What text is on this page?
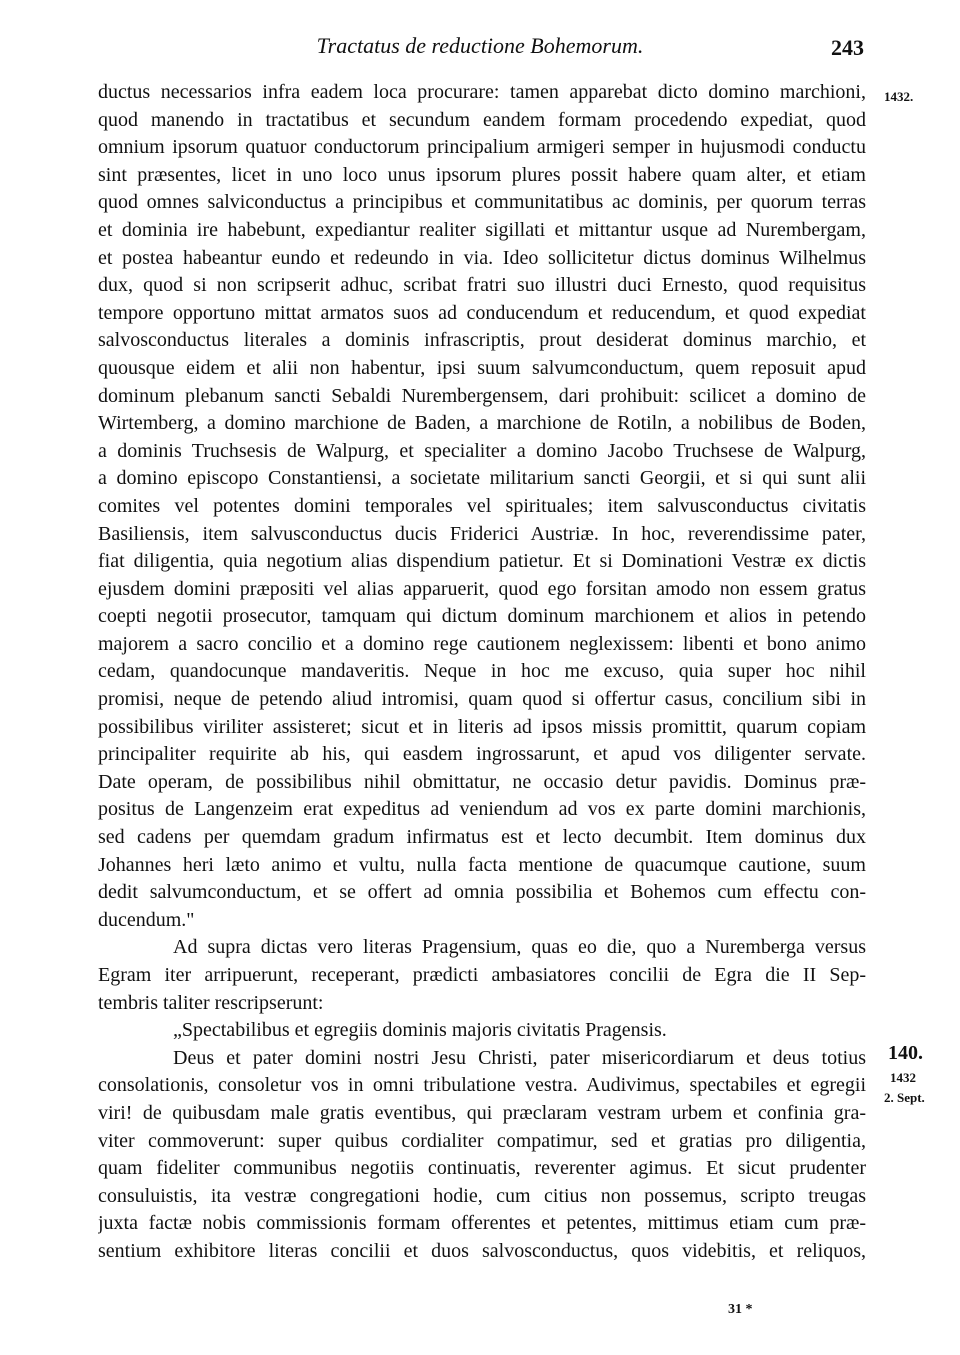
Tractatus de reductione Bohemorum.	243
1432.
140.
1432
2. Sept.
ductus necessarios infra eadem loca procurare: tamen apparebat dicto domino marchioni,
quod manendo in tractatibus et secundum eandem formam procedendo expediat, quod
omnium ipsorum quatuor conductorum principalium armigeri semper in hujusmodi conductu
sint præsentes, licet in uno loco unus ipsorum plures possit habere quam alter, et etiam
quod omnes salviconductus a principibus et communitatibus ac dominis, per quorum terras
et dominia ire habebunt, expediantur realiter sigillati et mittantur usque ad Nurembergam,
et postea habeantur eundo et redeundo in via. Ideo sollicitetur dictus dominus Wilhelmus
dux, quod si non scripserit adhuc, scribat fratri suo illustri duci Ernesto, quod requisitus
tempore opportuno mittat armatos suos ad conducendum et reducendum, et quod expediat
salvosconductus literales a dominis infrascriptis, prout desiderat dominus marchio, et
quousque eidem et alii non habentur, ipsi suum salvumconductum, quem reposuit apud
dominum plebanum sancti Sebaldi Nurembergensem, dari prohibuit: scilicet a domino de
Wirtemberg, a domino marchione de Baden, a marchione de Rotiln, a nobilibus de Boden,
a dominis Truchsesis de Walpurg, et specialiter a domino Jacobo Truchsese de Walpurg,
a domino episcopo Constantiensi, a societate militarium sancti Georgii, et si qui sunt alii
comites vel potentes domini temporales vel spirituales; item salvusconductus civitatis
Basiliensis, item salvusconductus ducis Friderici Austriæ. In hoc, reverendissime pater,
fiat diligentia, quia negotium alias dispendium patietur. Et si Dominationi Vestræ ex dictis
ejusdem domini præpositi vel alias apparuerit, quod ego forsitan amodo non essem gratus
coepti negotii prosecutor, tamquam qui dictum dominum marchionem et alios in petendo
majorem a sacro concilio et a domino rege cautionem neglexissem: libenti et bono animo
cedam, quandocunque mandaveritis. Neque in hoc me excuso, quia super hoc nihil
promisi, neque de petendo aliud intromisi, quam quod si offertur casus, concilium sibi in
possibilibus viriliter assisteret; sicut et in literis ad ipsos missis promittit, quarum copiam
principaliter requirite ab his, qui easdem ingrossarunt, et apud vos diligenter servate.
Date operam, de possibilibus nihil obmittatur, ne occasio detur pavidis. Dominus præ-
positus de Langenzeim erat expeditus ad veniendum ad vos ex parte domini marchionis,
sed cadens per quemdam gradum infirmatus est et lecto decumbit. Item dominus dux
Johannes heri læto animo et vultu, nulla facta mentione de quacumque cautione, suum
dedit salvumconductum, et se offert ad omnia possibilia et Bohemos cum effectu con-
ducendum."
Ad supra dictas vero literas Pragensium, quas eo die, quo a Nuremberga versus
Egram iter arripuerunt, receperant, prædicti ambasiatores concilii de Egra die II Sep-
tembris taliter rescripserunt:
„Spectabilibus et egregiis dominis majoris civitatis Pragensis.
Deus et pater domini nostri Jesu Christi, pater misericordiarum et deus totius
consolationis, consoletur vos in omni tribulatione vestra. Audivimus, spectabiles et egregii
viri! de quibusdam male gratis eventibus, qui præclaram vestram urbem et confinia gra-
viter commoverunt: super quibus cordialiter compatimur, sed et gratias pro diligentia,
quam fideliter communibus negotiis continuatis, reverenter agimus. Et sicut prudenter
consuluistis, ita vestræ congregationi hodie, cum citius non possemus, scripto treugas
juxta factæ nobis commissionis formam offerentes et petentes, mittimus etiam cum præ-
sentium exhibitore literas concilii et duos salvosconductus, quos videbitis, et reliquos,
31 *
